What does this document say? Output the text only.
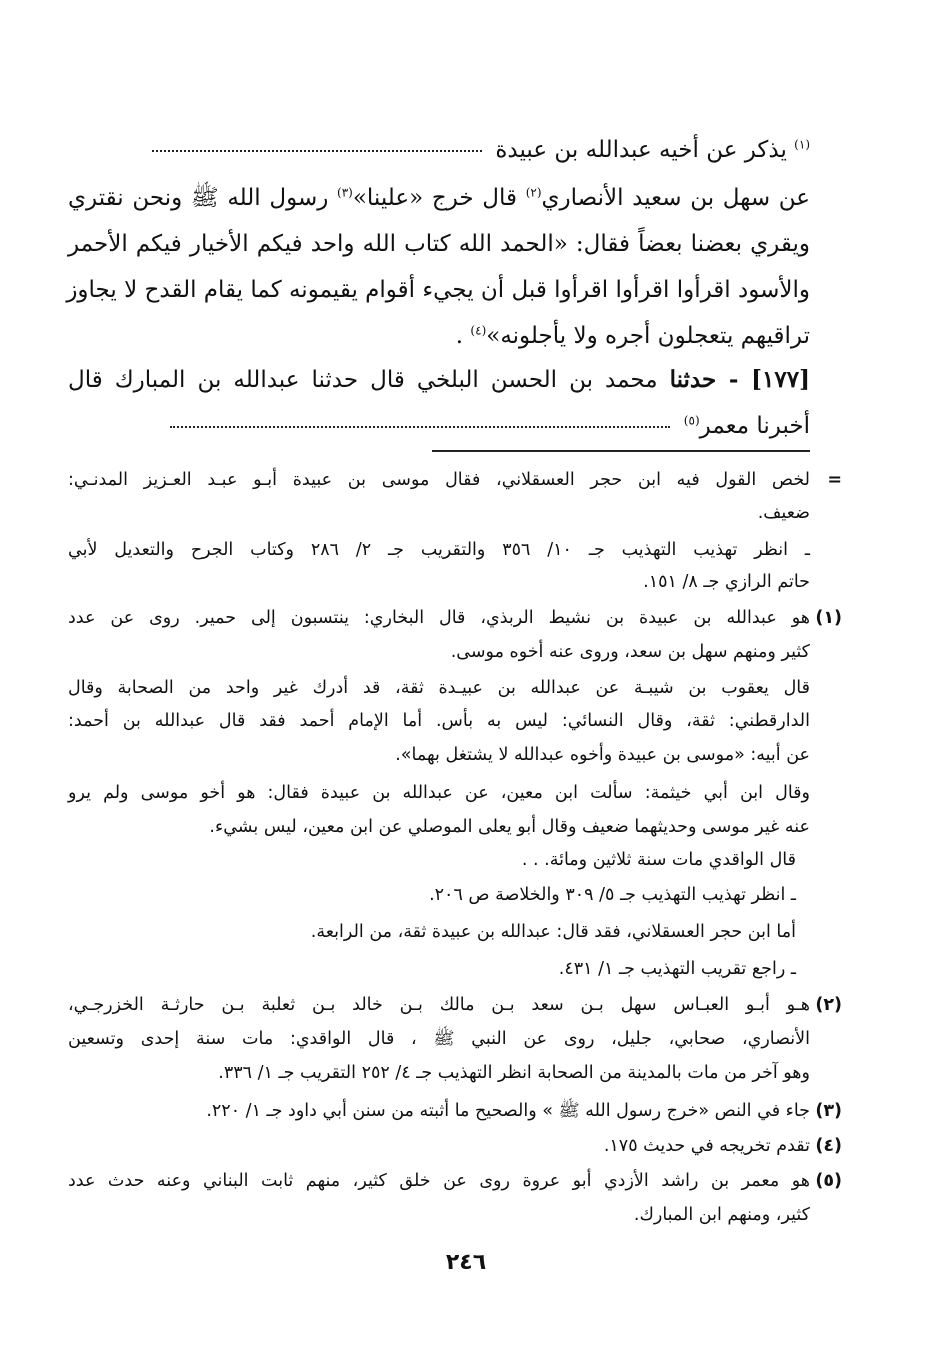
$^{(١)}$ يذكر عن أخيه عبدالله بن عبيدة
عن سهل بن سعيد الأنصاري$^{(٢)}$ قال خرج «علينا»$^{(٣)}$ رسول الله ﷺ ونحن نقتري
ويقري بعضنا بعضاً فقال: «الحمد الله كتاب الله واحد فيكم الأخيار فيكم الأحمر
والأسود اقرأوا اقرأوا اقرأوا قبل أن يجيء أقوام يقيمونه كما يقام القدح لا يجاوز
تراقيهم يتعجلون أجره ولا يأجلونه»$^{(٤)}$ .
[١٧٧] - حدثنا محمد بن الحسن البلخي قال حدثنا عبدالله بن المبارك قال
أخبرنا معمر$^{(٥)}$
=
لخص القول فيه ابن حجر العسقلاني، فقال موسى بن عبيدة أبـو عبـد العـزيز المدنـي:
ضعيف.
ـ انظر تهذيب التهذيب جـ ١٠/ ٣٥٦ والتقريب جـ ٢/ ٢٨٦ وكتاب الجرح والتعديل لأبي
حاتم الرازي جـ ٨/ ١٥١.
(١)
هو عبدالله بن عبيدة بن نشيط الربذي، قال البخاري: ينتسبون إلى حمير. روى عن عدد
كثير ومنهم سهل بن سعد، وروى عنه أخوه موسى.
قال يعقوب بن شيبـة عن عبدالله بن عبيـدة ثقة، قد أدرك غير واحد من الصحابة وقال
الدارقطني: ثقة، وقال النسائي: ليس به بأس. أما الإمام أحمد فقد قال عبدالله بن أحمد:
عن أبيه: «موسى بن عبيدة وأخوه عبدالله لا يشتغل بهما».
وقال ابن أبي خيثمة: سألت ابن معين، عن عبدالله بن عبيدة فقال: هو أخو موسى ولم يرو
عنه غير موسى وحديثهما ضعيف وقال أبو يعلى الموصلي عن ابن معين، ليس بشيء.
قال الواقدي مات سنة ثلاثين ومائة. . .
ـ انظر تهذيب التهذيب جـ ٥/ ٣٠٩ والخلاصة ص ٢٠٦.
أما ابن حجر العسقلاني، فقد قال: عبدالله بن عبيدة ثقة، من الرابعة.
ـ راجع تقريب التهذيب جـ ١/ ٤٣١.
(٢)
هـو أبـو العبـاس سهل بـن سعد بـن مالك بـن خالد بـن ثعلبة بـن حارثـة الخزرجـي،
الأنصاري، صحابي، جليل، روى عن النبي ﷺ ، قال الواقدي: مات سنة إحدى وتسعين
وهو آخر من مات بالمدينة من الصحابة انظر التهذيب جـ ٤/ ٢٥٢ التقريب جـ ١/ ٣٣٦.
(٣)
جاء في النص «خرج رسول الله ﷺ » والصحيح ما أثبته من سنن أبي داود جـ ١/ ٢٢٠.
(٤)
تقدم تخريجه في حديث ١٧٥.
(٥)
هو معمر بن راشد الأزدي أبو عروة روى عن خلق كثير، منهم ثابت البناني وعنه حدث عدد
كثير، ومنهم ابن المبارك.
٢٤٦
